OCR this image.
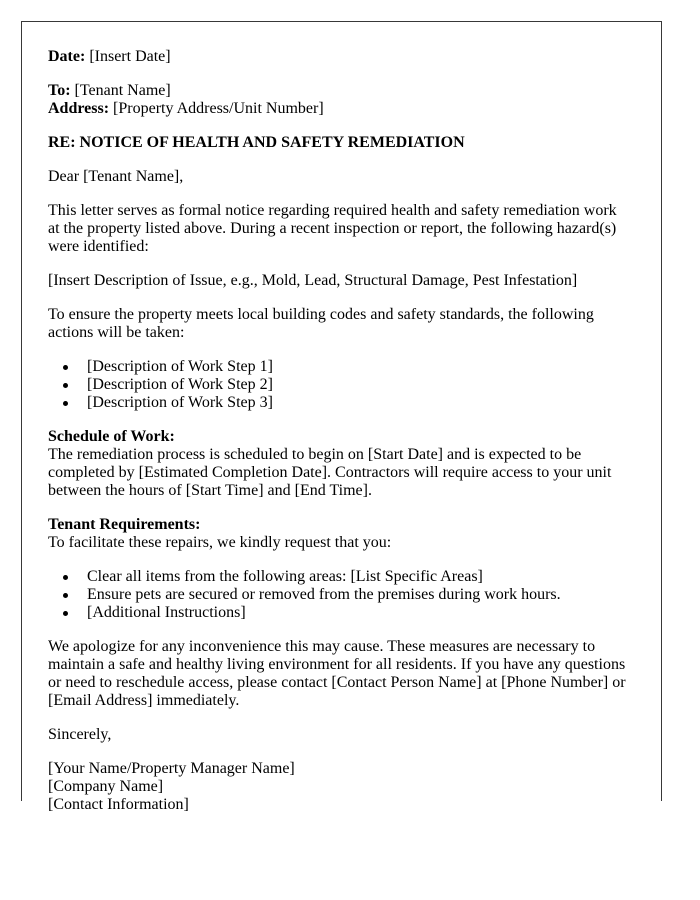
Date: [Insert Date]

To: [Tenant Name]
Address: [Property Address/Unit Number]

RE: NOTICE OF HEALTH AND SAFETY REMEDIATION

Dear [Tenant Name],

This letter serves as formal notice regarding required health and safety remediation work at the property listed above. During a recent inspection or report, the following hazard(s) were identified:

[Insert Description of Issue, e.g., Mold, Lead, Structural Damage, Pest Infestation]

To ensure the property meets local building codes and safety standards, the following actions will be taken:

[Description of Work Step 1]
[Description of Work Step 2]
[Description of Work Step 3]

Schedule of Work:
The remediation process is scheduled to begin on [Start Date] and is expected to be completed by [Estimated Completion Date]. Contractors will require access to your unit between the hours of [Start Time] and [End Time].

Tenant Requirements:
To facilitate these repairs, we kindly request that you:

Clear all items from the following areas: [List Specific Areas]
Ensure pets are secured or removed from the premises during work hours.
[Additional Instructions]

We apologize for any inconvenience this may cause. These measures are necessary to maintain a safe and healthy living environment for all residents. If you have any questions or need to reschedule access, please contact [Contact Person Name] at [Phone Number] or [Email Address] immediately.

Sincerely,

[Your Name/Property Manager Name]
[Company Name]
[Contact Information]
